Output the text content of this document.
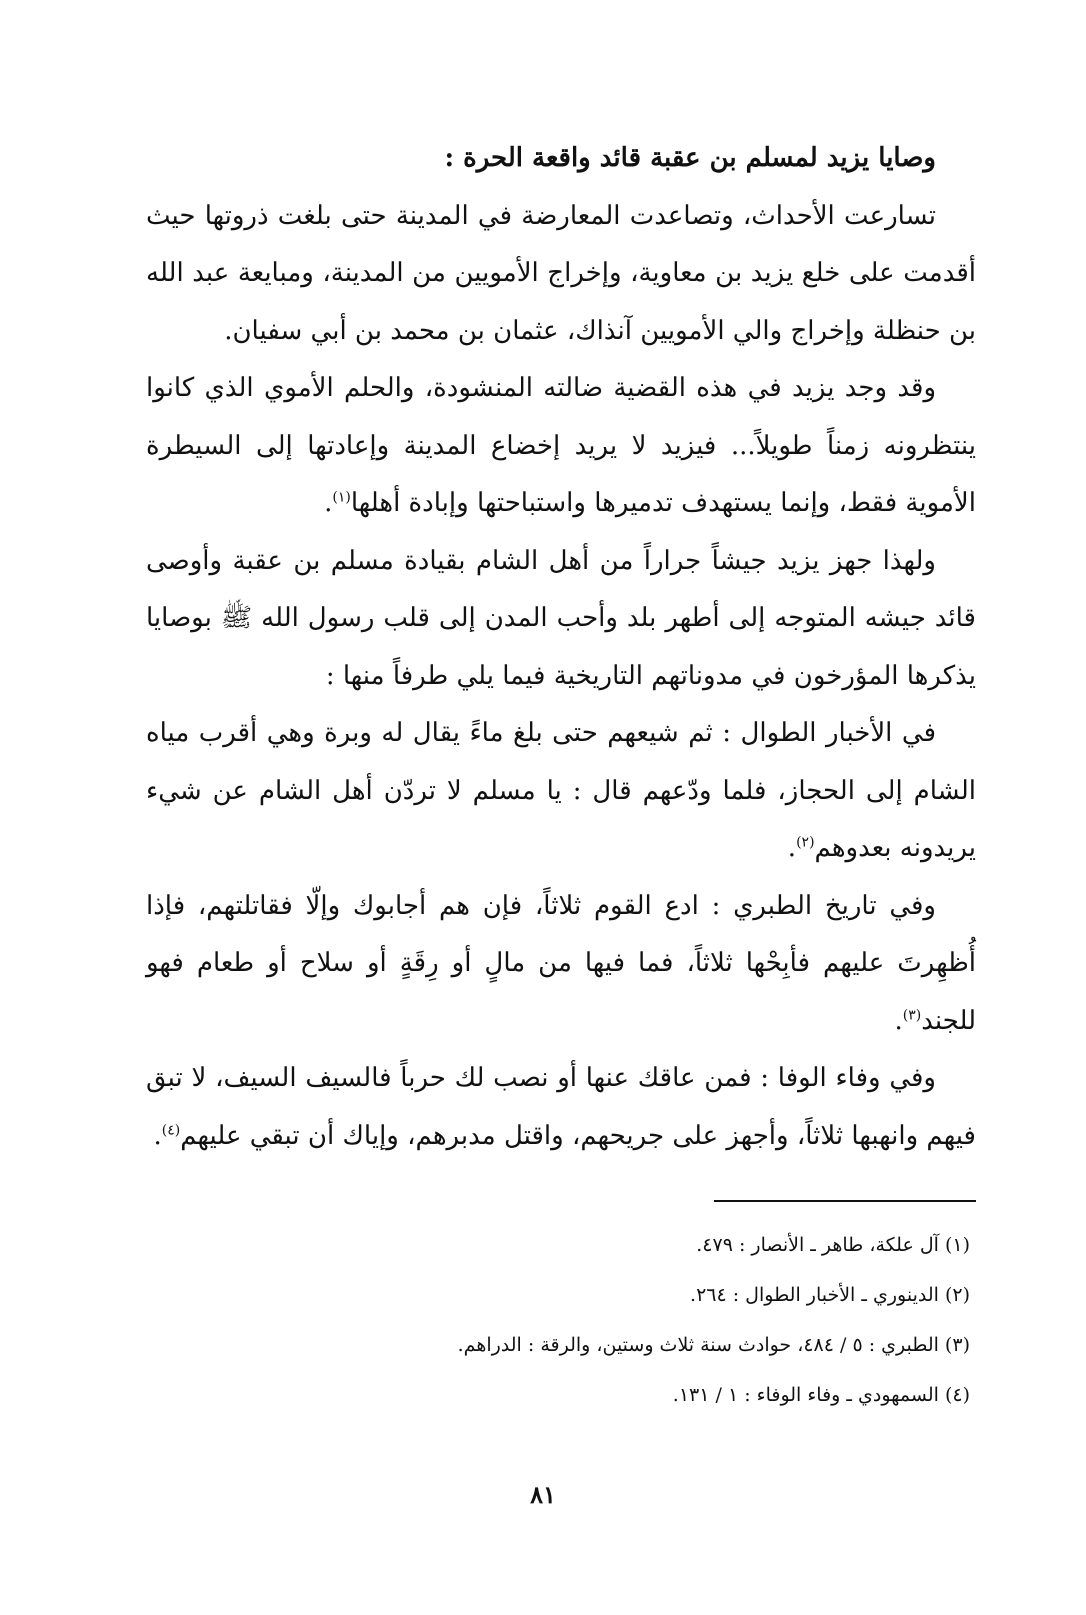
وصايا يزيد لمسلم بن عقبة قائد واقعة الحرة :

تسارعت الأحداث، وتصاعدت المعارضة في المدينة حتى بلغت ذروتها حيث أقدمت على خلع يزيد بن معاوية، وإخراج الأمويين من المدينة، ومبايعة عبد الله بن حنظلة وإخراج والي الأمويين آنذاك، عثمان بن محمد بن أبي سفيان.

وقد وجد يزيد في هذه القضية ضالته المنشودة، والحلم الأموي الذي كانوا ينتظرونه زمناً طويلاً... فيزيد لا يريد إخضاع المدينة وإعادتها إلى السيطرة الأموية فقط، وإنما يستهدف تدميرها واستباحتها وإبادة أهلها$^{(١)}$.

ولهذا جهز يزيد جيشاً جراراً من أهل الشام بقيادة مسلم بن عقبة وأوصى قائد جيشه المتوجه إلى أطهر بلد وأحب المدن إلى قلب رسول الله ﷺ بوصايا يذكرها المؤرخون في مدوناتهم التاريخية فيما يلي طرفاً منها :

في الأخبار الطوال : ثم شيعهم حتى بلغ ماءً يقال له وبرة وهي أقرب مياه الشام إلى الحجاز، فلما ودّعهم قال : يا مسلم لا تردّن أهل الشام عن شيء يريدونه بعدوهم$^{(٢)}$.

وفي تاريخ الطبري : ادع القوم ثلاثاً، فإن هم أجابوك وإلّا فقاتلتهم، فإذا أُظهِرتَ عليهم فأبِحْها ثلاثاً، فما فيها من مالٍ أو رِقَةٍ أو سلاح أو طعام فهو للجند$^{(٣)}$.

وفي وفاء الوفا : فمن عاقك عنها أو نصب لك حرباً فالسيف السيف، لا تبق فيهم وانهبها ثلاثاً، وأجهز على جريحهم، واقتل مدبرهم، وإياك أن تبقي عليهم$^{(٤)}$.

(١) آل علكة، طاهر ـ الأنصار : ٤٧٩.
(٢) الدينوري ـ الأخبار الطوال : ٢٦٤.
(٣) الطبري : ٥ / ٤٨٤، حوادث سنة ثلاث وستين، والرقة : الدراهم.
(٤) السمهودي ـ وفاء الوفاء : ١ / ١٣١.
٨١
